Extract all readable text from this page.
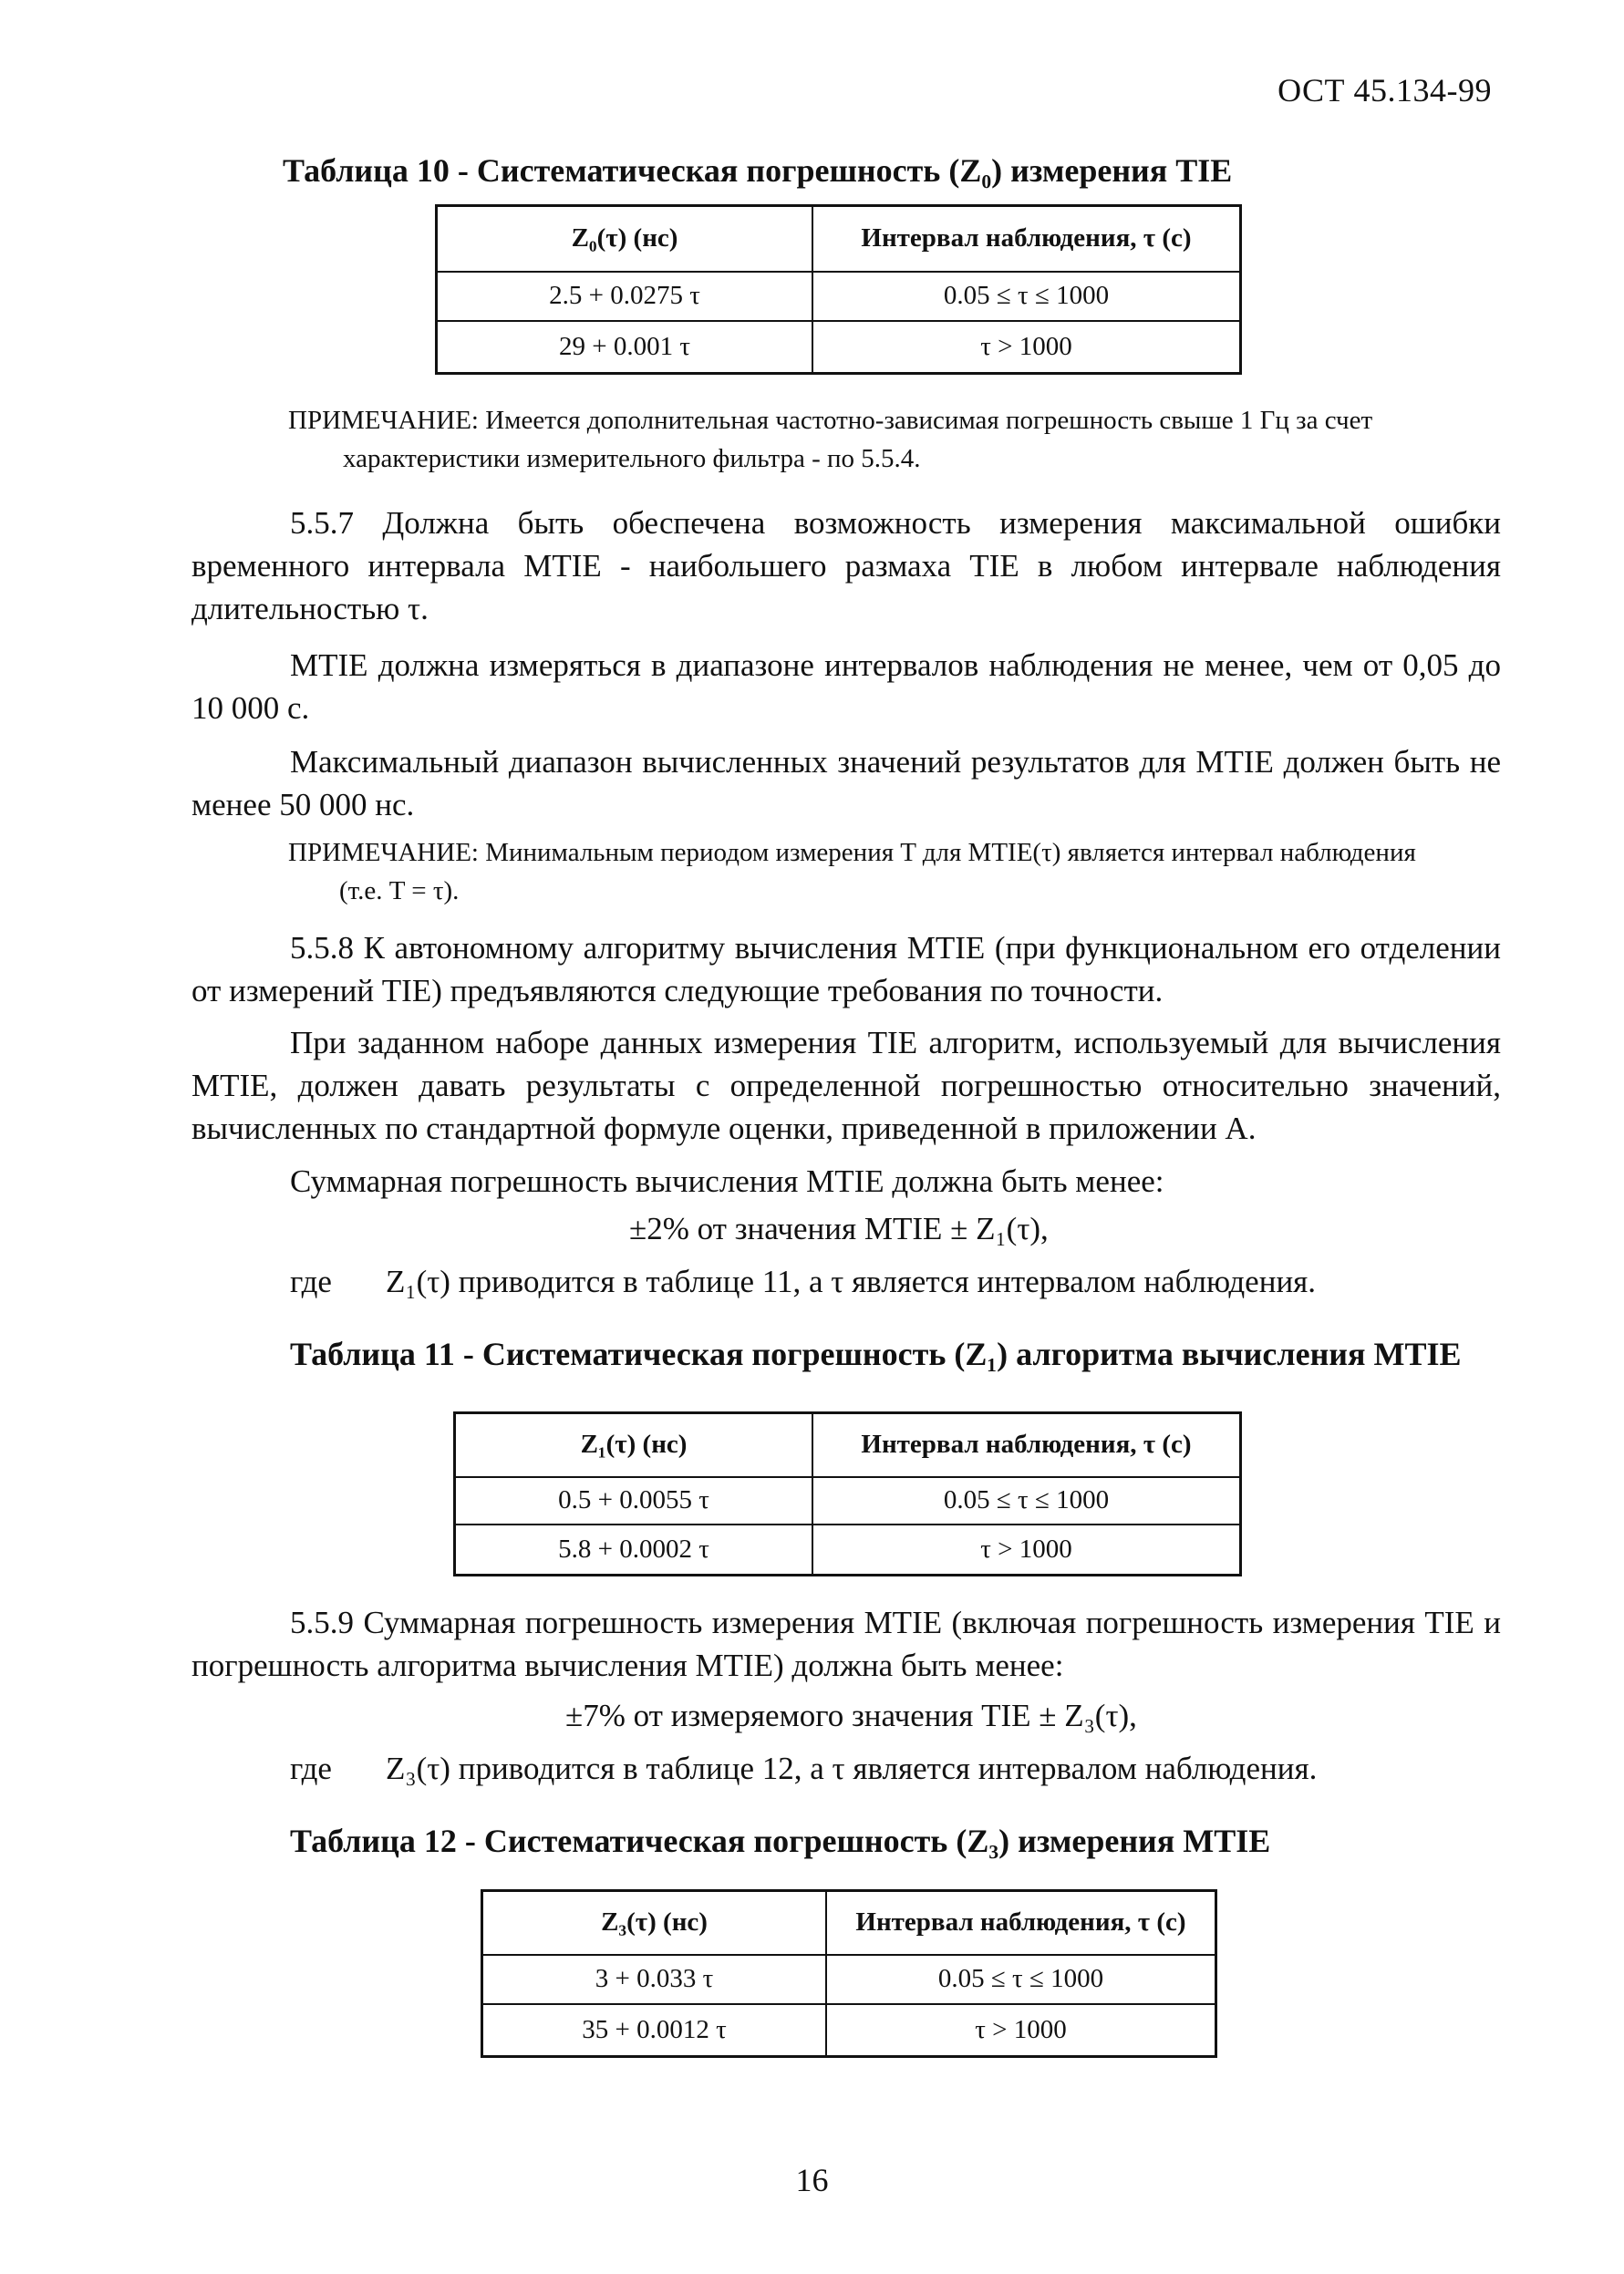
ОСТ 45.134-99
Таблица 10 - Систематическая погрешность (Z₀) измерения TIE
Z₀(τ) (нс)	Интервал наблюдения, τ (с)
2.5 + 0.0275 τ	0.05 ≤ τ ≤ 1000
29 + 0.001 τ	τ > 1000
ПРИМЕЧАНИЕ: Имеется дополнительная частотно-зависимая погрешность свыше 1 Гц за счет
характеристики измерительного фильтра - по 5.5.4.
5.5.7 Должна быть обеспечена возможность измерения максимальной ошибки временного интервала MTIE - наибольшего размаха TIE в любом интервале наблюдения длительностью τ.
MTIE должна измеряться в диапазоне интервалов наблюдения не менее, чем от 0,05 до 10 000 с.
Максимальный диапазон вычисленных значений результатов для MTIE должен быть не менее 50 000 нс.
ПРИМЕЧАНИЕ: Минимальным периодом измерения T для MTIE(τ) является интервал наблюдения
(т.е. T = τ).
5.5.8 К автономному алгоритму вычисления MTIE (при функциональном его отделении от измерений TIE) предъявляются следующие требования по точности.
При заданном наборе данных измерения TIE алгоритм, используемый для вычисления MTIE, должен давать результаты с определенной погрешностью относительно значений, вычисленных по стандартной формуле оценки, приведенной в приложении А.
Суммарная погрешность вычисления MTIE должна быть менее:
±2% от значения MTIE ± Z₁(τ),
где Z₁(τ) приводится в таблице 11, а τ является интервалом наблюдения.
Таблица 11 - Систематическая погрешность (Z₁) алгоритма вычисления MTIE
Z₁(τ) (нс)	Интервал наблюдения, τ (с)
0.5 + 0.0055 τ	0.05 ≤ τ ≤ 1000
5.8 + 0.0002 τ	τ > 1000
5.5.9 Суммарная погрешность измерения MTIE (включая погрешность измерения TIE и погрешность алгоритма вычисления MTIE) должна быть менее:
±7% от измеряемого значения TIE ± Z₃(τ),
где Z₃(τ) приводится в таблице 12, а τ является интервалом наблюдения.
Таблица 12 - Систематическая погрешность (Z₃) измерения MTIE
Z₃(τ) (нс)	Интервал наблюдения, τ (с)
3 + 0.033 τ	0.05 ≤ τ ≤ 1000
35 + 0.0012 τ	τ > 1000
16
